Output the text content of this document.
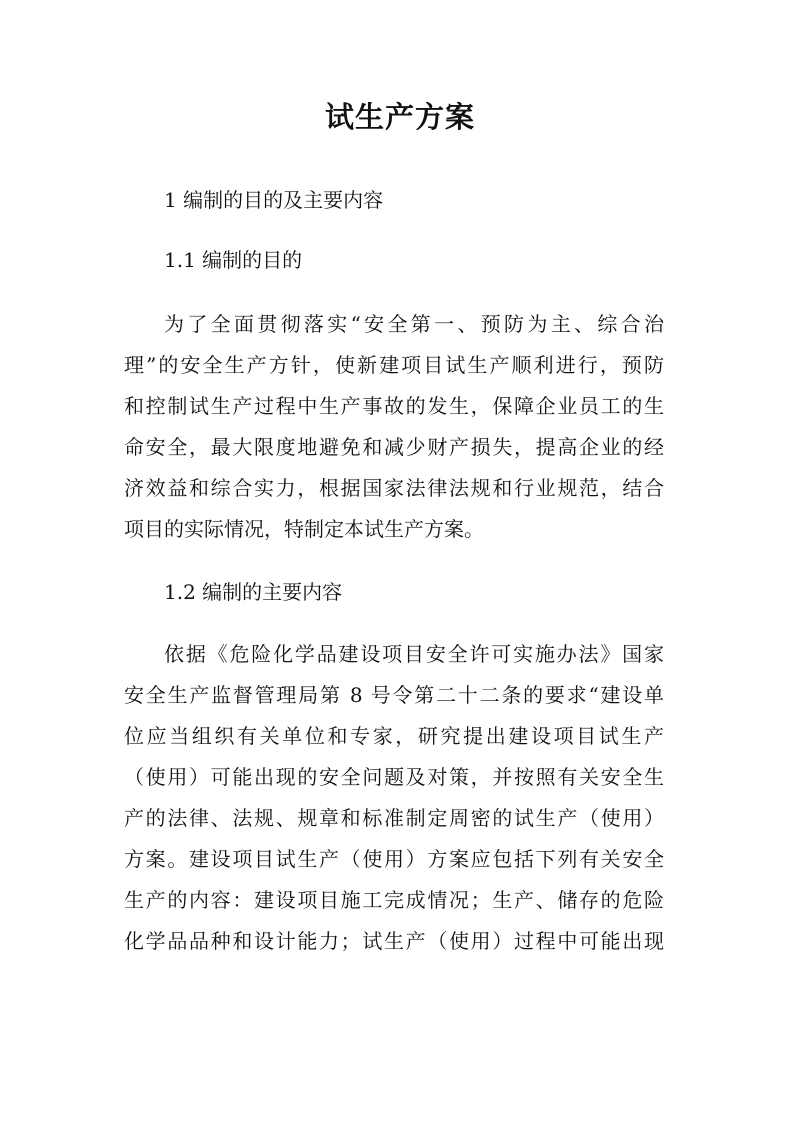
试生产方案
1 编制的目的及主要内容
1.1 编制的目的
为了全面贯彻落实“安全第一、预防为主、综合治
理”的安全生产方针，使新建项目试生产顺利进行，预防
和控制试生产过程中生产事故的发生，保障企业员工的生
命安全，最大限度地避免和减少财产损失，提高企业的经
济效益和综合实力，根据国家法律法规和行业规范，结合
项目的实际情况，特制定本试生产方案。
1.2 编制的主要内容
依据《危险化学品建设项目安全许可实施办法》国家
安全生产监督管理局第 8 号令第二十二条的要求“建设单
位应当组织有关单位和专家，研究提出建设项目试生产
（使用）可能出现的安全问题及对策，并按照有关安全生
产的法律、法规、规章和标准制定周密的试生产（使用）
方案。建设项目试生产（使用）方案应包括下列有关安全
生产的内容：建设项目施工完成情况；生产、储存的危险
化学品品种和设计能力；试生产（使用）过程中可能出现
